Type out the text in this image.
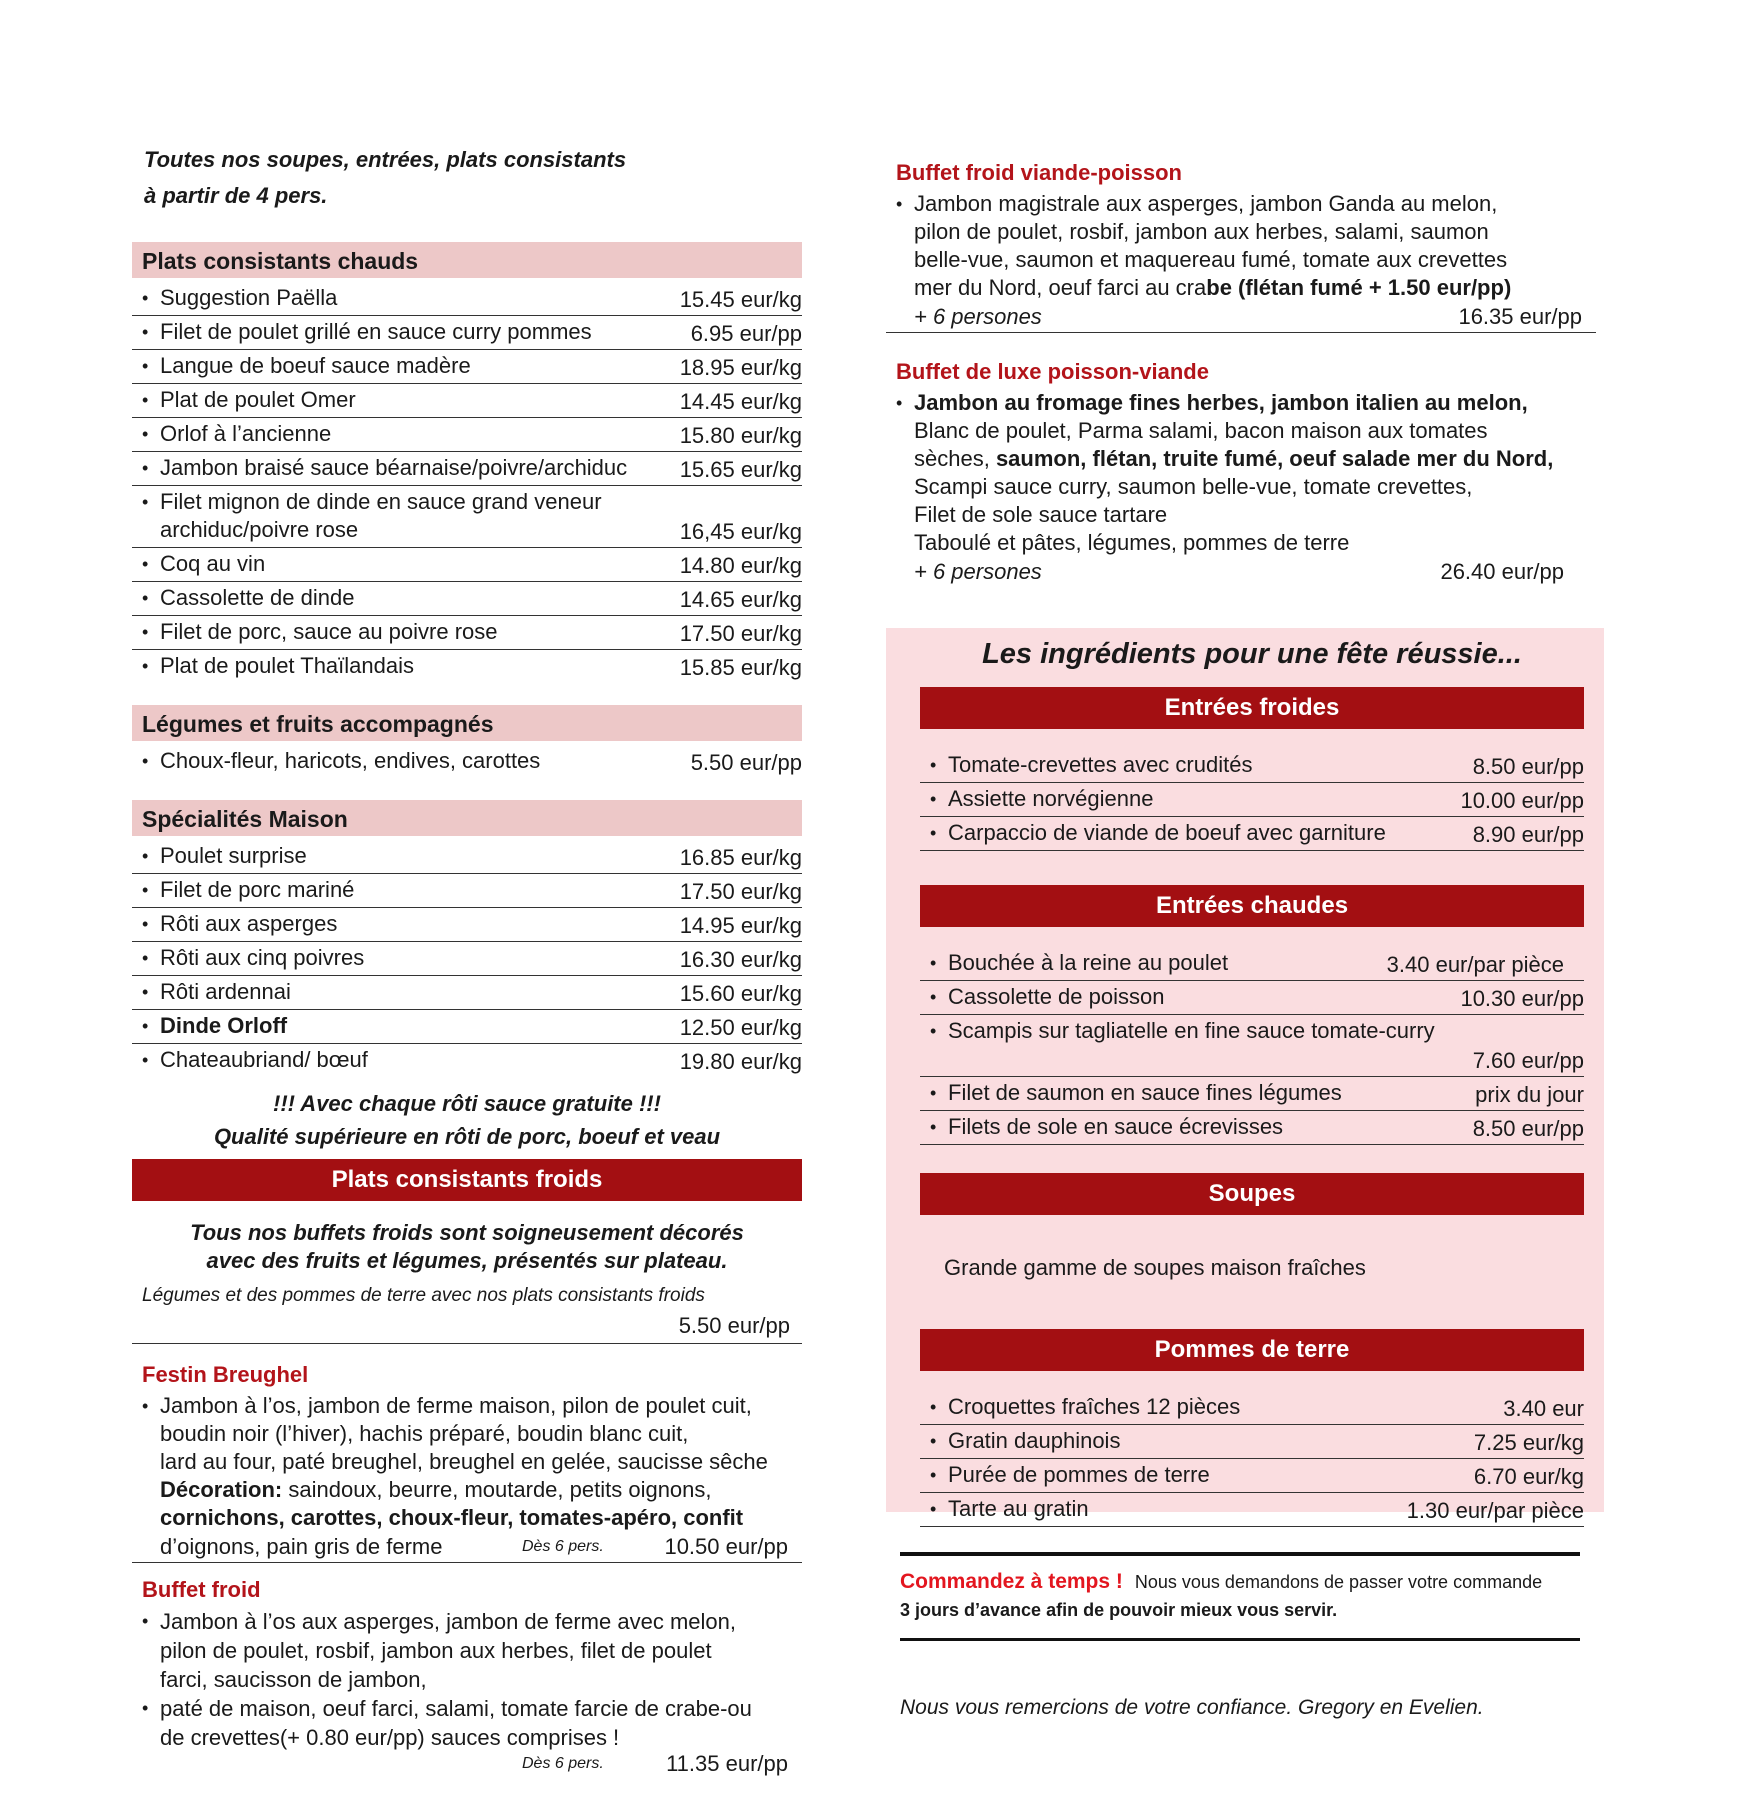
Toutes nos soupes, entrées, plats consistants
à partir de 4 pers.
Plats consistants chauds
• Suggestion Paëlla	15.45 eur/kg
• Filet de poulet grillé en sauce curry pommes	6.95 eur/pp
• Langue de boeuf sauce madère	18.95 eur/kg
• Plat de poulet Omer	14.45 eur/kg
• Orlof à l’ancienne	15.80 eur/kg
• Jambon braisé sauce béarnaise/poivre/archiduc 15.65 eur/kg
• Filet mignon de dinde en sauce grand veneur archiduc/poivre rose	16,45 eur/kg
• Coq au vin	14.80 eur/kg
• Cassolette de dinde	14.65 eur/kg
• Filet de porc, sauce au poivre rose	17.50 eur/kg
• Plat de poulet Thaïlandais	15.85 eur/kg
Légumes et fruits accompagnés
• Choux-fleur, haricots, endives, carottes	5.50 eur/pp
Spécialités Maison
• Poulet surprise	16.85 eur/kg
• Filet de porc mariné	17.50 eur/kg
• Rôti aux asperges	14.95 eur/kg
• Rôti aux cinq poivres	16.30 eur/kg
• Rôti ardennai	15.60 eur/kg
• Dinde Orloff	12.50 eur/kg
• Chateaubriand/ bœuf	19.80 eur/kg
!!! Avec chaque rôti sauce gratuite !!!
Qualité supérieure en rôti de porc, boeuf et veau
Plats consistants froids
Tous nos buffets froids sont soigneusement décorés
avec des fruits et légumes, présentés sur plateau.
Légumes et des pommes de terre avec nos plats consistants froids
5.50 eur/pp
Festin Breughel
• Jambon à l’os, jambon de ferme maison, pilon de poulet cuit,
boudin noir (l’hiver), hachis préparé, boudin blanc cuit,
lard au four, paté breughel, breughel en gelée, saucisse sêche
Décoration: saindoux, beurre, moutarde, petits oignons,
cornichons, carottes, choux-fleur, tomates-apéro, confit
d’oignons, pain gris de ferme	Dès 6 pers.	10.50 eur/pp
Buffet froid
• Jambon à l’os aux asperges, jambon de ferme avec melon,
pilon de poulet, rosbif, jambon aux herbes, filet de poulet
farci, saucisson de jambon,
• paté de maison, oeuf farci, salami, tomate farcie de crabe-ou
de crevettes(+ 0.80 eur/pp) sauces comprises !
Dès 6 pers.	11.35 eur/pp
Buffet froid viande-poisson
• Jambon magistrale aux asperges, jambon Ganda au melon,
pilon de poulet, rosbif, jambon aux herbes, salami, saumon
belle-vue, saumon et maquereau fumé, tomate aux crevettes
mer du Nord, oeuf farci au crabe (flétan fumé + 1.50 eur/pp)
+ 6 persones	16.35 eur/pp
Buffet de luxe poisson-viande
• Jambon au fromage fines herbes, jambon italien au melon,
Blanc de poulet, Parma salami, bacon maison aux tomates
sèches, saumon, flétan, truite fumé, oeuf salade mer du Nord,
Scampi sauce curry, saumon belle-vue, tomate crevettes,
Filet de sole sauce tartare
Taboulé et pâtes, légumes, pommes de terre
+ 6 persones	26.40 eur/pp
Les ingrédients pour une fête réussie...
Entrées froides
• Tomate-crevettes avec crudités	8.50 eur/pp
• Assiette norvégienne	10.00 eur/pp
• Carpaccio de viande de boeuf avec garniture	8.90 eur/pp
Entrées chaudes
• Bouchée à la reine au poulet	3.40 eur/par pièce
• Cassolette de poisson	10.30 eur/pp
• Scampis sur tagliatelle en fine sauce tomate-curry
7.60 eur/pp
• Filet de saumon en sauce fines légumes	prix du jour
• Filets de sole en sauce écrevisses	8.50 eur/pp
Soupes
Grande gamme de soupes maison fraîches
Pommes de terre
• Croquettes fraîches 12 pièces	3.40 eur
• Gratin dauphinois	7.25 eur/kg
• Purée de pommes de terre	6.70 eur/kg
• Tarte au gratin	1.30 eur/par pièce
Commandez à temps ! Nous vous demandons de passer votre commande
3 jours d’avance afin de pouvoir mieux vous servir.
Nous vous remercions de votre confiance. Gregory en Evelien.
